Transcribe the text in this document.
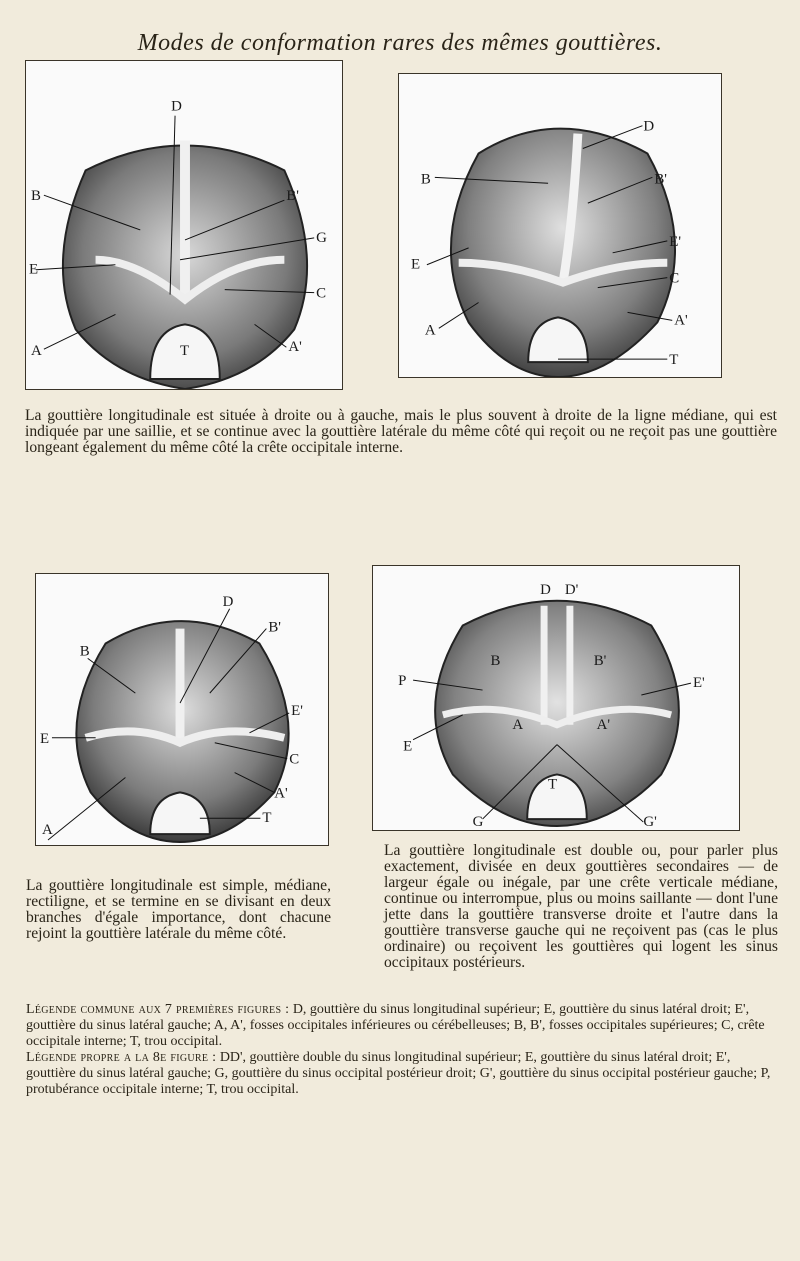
Modes de conformation rares des mêmes gouttières.
D
B	B'
G
E
C
A	A'
T
D
B	B'
E
E'
C
A
A'
T
La gouttière longitudinale est située à droite ou à gauche, mais le plus souvent à droite de la ligne médiane, qui est indiquée par une saillie, et se continue avec la gouttière latérale du même côté qui reçoit ou ne reçoit pas une gouttière longeant également du même côté la crête occipitale interne.
D
B
B'
E'
E
C
A'
A
T
D D'
B	B'
P	E'
E
A	A'
T
G	G'
La gouttière longitudinale est simple, médiane, rectiligne, et se termine en se divisant en deux branches d'égale importance, dont chacune rejoint la gouttière latérale du même côté.
La gouttière longitudinale est double ou, pour parler plus exactement, divisée en deux gouttières secondaires — de largeur égale ou inégale, par une crête verticale médiane, continue ou interrompue, plus ou moins saillante — dont l'une jette dans la gouttière transverse droite et l'autre dans la gouttière transverse gauche qui ne reçoivent pas (cas le plus ordinaire) ou reçoivent les gouttières qui logent les sinus occipitaux postérieurs.
Légende commune aux 7 premières figures : D, gouttière du sinus longitudinal supérieur; E, gouttière du sinus latéral droit; E', gouttière du sinus latéral gauche; A, A', fosses occipitales inférieures ou cérébelleuses; B, B', fosses occipitales supérieures; C, crête occipitale interne; T, trou occipital.
Légende propre a la 8e figure : DD', gouttière double du sinus longitudinal supérieur; E, gouttière du sinus latéral droit; E', gouttière du sinus latéral gauche; G, gouttière du sinus occipital postérieur droit; G', gouttière du sinus occipital postérieur gauche; P, protubérance occipitale interne; T, trou occipital.
